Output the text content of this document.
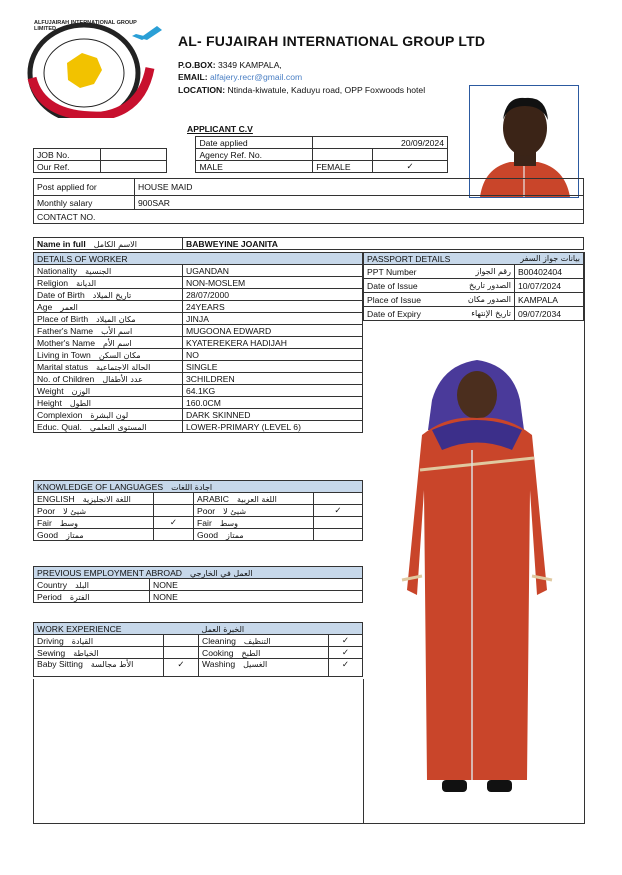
ALFUJAIRAH INTERNATIONAL GROUP LIMITED
AL- FUJAIRAH INTERNATIONAL GROUP LTD
P.O.BOX: 3349 KAMPALA,
EMAIL: alfajery.recr@gmail.com
LOCATION: Ntinda-kiwatule, Kaduyu road, OPP Foxwoods hotel
APPLICANT C.V
			Date applied		20/09/2024
JOB No.			Agency Ref. No.		
Our Ref.			MALE	FEMALE	✓
Post applied for	HOUSE MAID
Monthly salary	900SAR
CONTACT NO.	
Name in full الاسم الكامل	BABWEYINE JOANITA
DETAILS OF WORKER	
Nationality الجنسية	UGANDAN
Religion الديانة	NON-MOSLEM
Date of Birth تاريخ الميلاد	28/07/2000
Age العمر	24YEARS
Place of Birth مكان الميلاد	JINJA
Father's Name اسم الأب	MUGOONA EDWARD
Mother's Name اسم الأم	KYATEREKERA HADIJAH
Living in Town مكان السكن	NO
Marital status الحالة الاجتماعية	SINGLE
No. of Children عدد الأطفال	3CHILDREN
Weight الوزن	64.1KG
Height الطول	160.0CM
Complexion لون البشرة	DARK SKINNED
Educ. Qual. المستوى التعلمي	LOWER-PRIMARY (LEVEL 6)
PASSPORT DETAILS بيانات جواز السفر	

PPT Number رقم الجواز	B00402404
Date of Issue الصدور تاريخ	10/07/2024
Place of Issue الصدور مكان	KAMPALA
Date of Expiry تاريخ الإنتهاء	09/07/2034
KNOWLEDGE OF LANGUAGES اجادة اللغات			
ENGLISH اللغة الانجليزية		ARABIC اللغة العربية	
Poor شيئ لا		Poor شيئ لا	✓
Fair وسط	✓	Fair وسط	
Good ممتاز		Good ممتاز	
PREVIOUS EMPLOYMENT ABROAD العمل في الخارجي	
Country البلد	NONE
Period الفترة	NONE
WORK EXPERIENCE الخبرة العمل			
Driving القيادة		Cleaning التنظيف	✓
Sewing الخياطة		Cooking الطبخ	✓
Baby Sitting الأط مجالسة	✓	Washing الغسيل	✓
